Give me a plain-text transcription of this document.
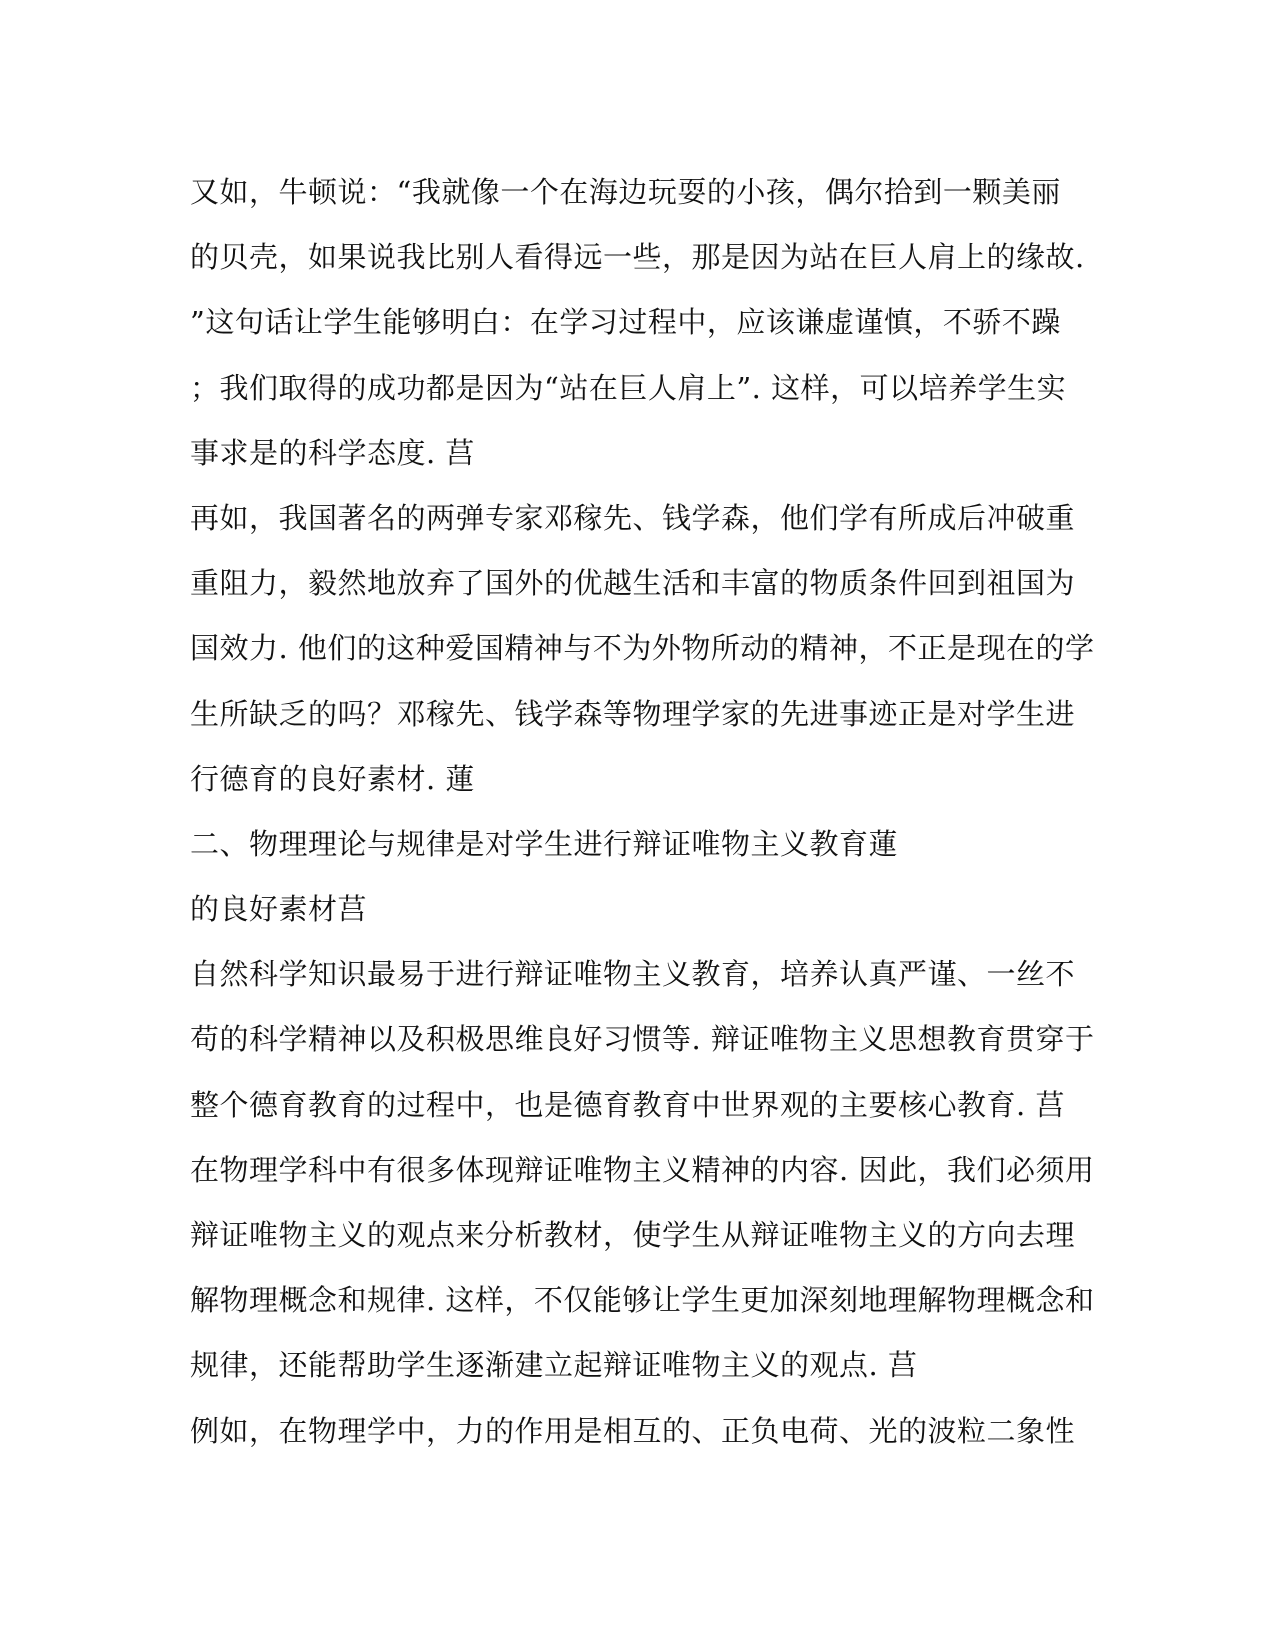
又如，牛顿说：“我就像一个在海边玩耍的小孩，偶尔拾到一颗美丽
的贝壳，如果说我比别人看得远一些，那是因为站在巨人肩上的缘故.
”这句话让学生能够明白：在学习过程中，应该谦虚谨慎，不骄不躁
；我们取得的成功都是因为“站在巨人肩上”. 这样，可以培养学生实
事求是的科学态度. 莒
再如，我国著名的两弹专家邓稼先、钱学森，他们学有所成后冲破重
重阻力，毅然地放弃了国外的优越生活和丰富的物质条件回到祖国为
国效力. 他们的这种爱国精神与不为外物所动的精神，不正是现在的学
生所缺乏的吗？邓稼先、钱学森等物理学家的先进事迹正是对学生进
行德育的良好素材. 蓮
二、物理理论与规律是对学生进行辩证唯物主义教育蓮
的良好素材莒
自然科学知识最易于进行辩证唯物主义教育，培养认真严谨、一丝不
苟的科学精神以及积极思维良好习惯等. 辩证唯物主义思想教育贯穿于
整个德育教育的过程中，也是德育教育中世界观的主要核心教育. 莒
在物理学科中有很多体现辩证唯物主义精神的内容. 因此，我们必须用
辩证唯物主义的观点来分析教材，使学生从辩证唯物主义的方向去理
解物理概念和规律. 这样，不仅能够让学生更加深刻地理解物理概念和
规律，还能帮助学生逐渐建立起辩证唯物主义的观点. 莒
例如，在物理学中，力的作用是相互的、正负电荷、光的波粒二象性
